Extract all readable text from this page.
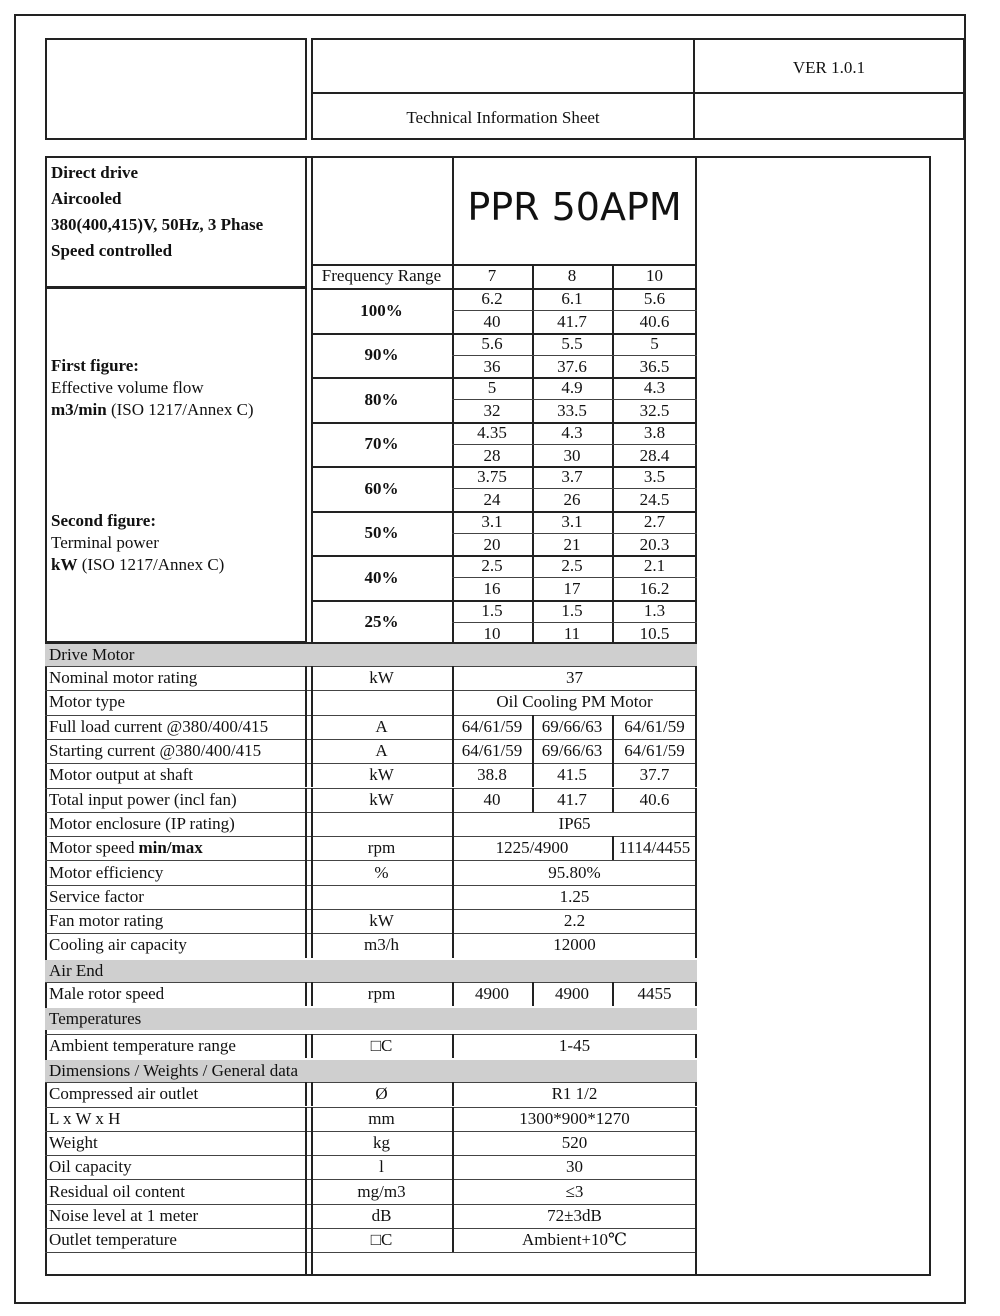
VER 1.0.1
Technical Information Sheet
Direct drive
Aircooled
380(400,415)V, 50Hz, 3 Phase
Speed controlled
PPR 50APM
First figure:
Effective volume flow
m3/min (ISO 1217/Annex C)
Second figure:
Terminal power
kW (ISO 1217/Annex C)
Frequency Range	7	8	10
100%
6.2	6.1	5.6
40	41.7	40.6
90%
5.6	5.5	5
36	37.6	36.5
80%
5	4.9	4.3
32	33.5	32.5
70%
4.35	4.3	3.8
28	30	28.4
60%
3.75	3.7	3.5
24	26	24.5
50%
3.1	3.1	2.7
20	21	20.3
40%
2.5	2.5	2.1
16	17	16.2
25%
1.5	1.5	1.3
10	11	10.5
Drive Motor
Nominal motor rating	kW	37
Motor type	Oil Cooling PM Motor
Full load current @380/400/415	A	64/61/59	69/66/63	64/61/59
Starting current @380/400/415	A	64/61/59	69/66/63	64/61/59
Motor output at shaft	kW	38.8	41.5	37.7
Total input power (incl fan)	kW	40	41.7	40.6
Motor enclosure (IP rating)	IP65
Motor speed min/max	rpm	1225/4900	1114/4455
Motor efficiency	%	95.80%
Service factor	1.25
Fan motor rating	kW	2.2
Cooling air capacity	m3/h	12000
Air End
Male rotor speed	rpm	4900	4900	4455
Temperatures
Ambient temperature range	□C	1-45
Dimensions / Weights / General data
Compressed air outlet	Ø	R1 1/2
L x W x H	mm	1300*900*1270
Weight	kg	520
Oil capacity	l	30
Residual oil content	mg/m3	≤3
Noise level at 1 meter	dB	72±3dB
Outlet temperature	□C	Ambient+10℃
